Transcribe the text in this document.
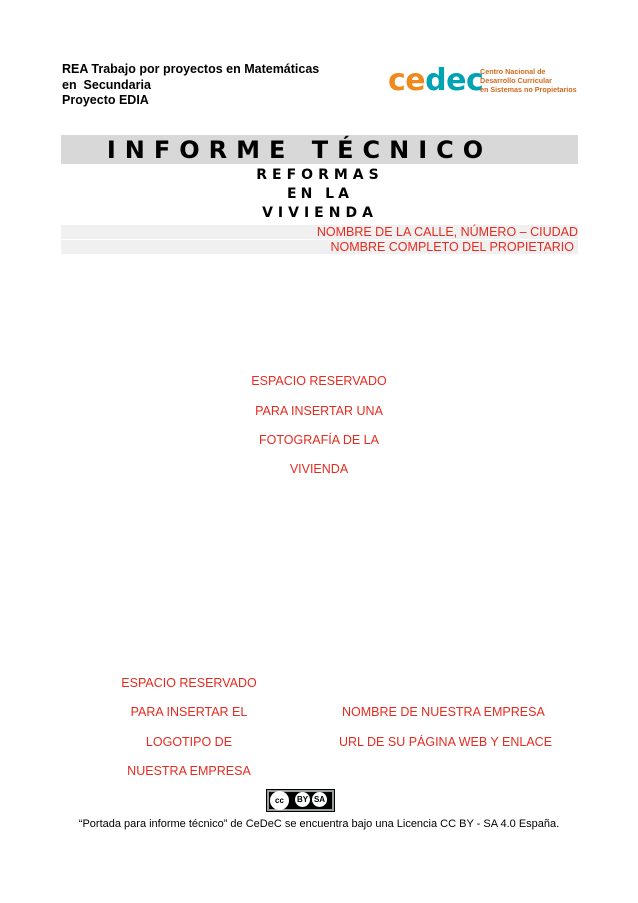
REA Trabajo por proyectos en Matemáticas
en  Secundaria
Proyecto EDIA
cedec
Centro Nacional de
Desarrollo Curricular
en Sistemas no Propietarios
INFORME TÉCNICO
REFORMAS
EN LA
VIVIENDA
NOMBRE DE LA CALLE, NÚMERO – CIUDAD
NOMBRE COMPLETO DEL PROPIETARIO
ESPACIO RESERVADO
PARA INSERTAR UNA
FOTOGRAFÍA DE LA
VIVIENDA
ESPACIO RESERVADO
PARA INSERTAR EL
LOGOTIPO DE
NUESTRA EMPRESA
NOMBRE DE NUESTRA EMPRESA
URL DE SU PÁGINA WEB Y ENLACE
cc	BY SA
“Portada para informe técnico” de CeDeC se encuentra bajo una Licencia CC BY - SA 4.0 España.
